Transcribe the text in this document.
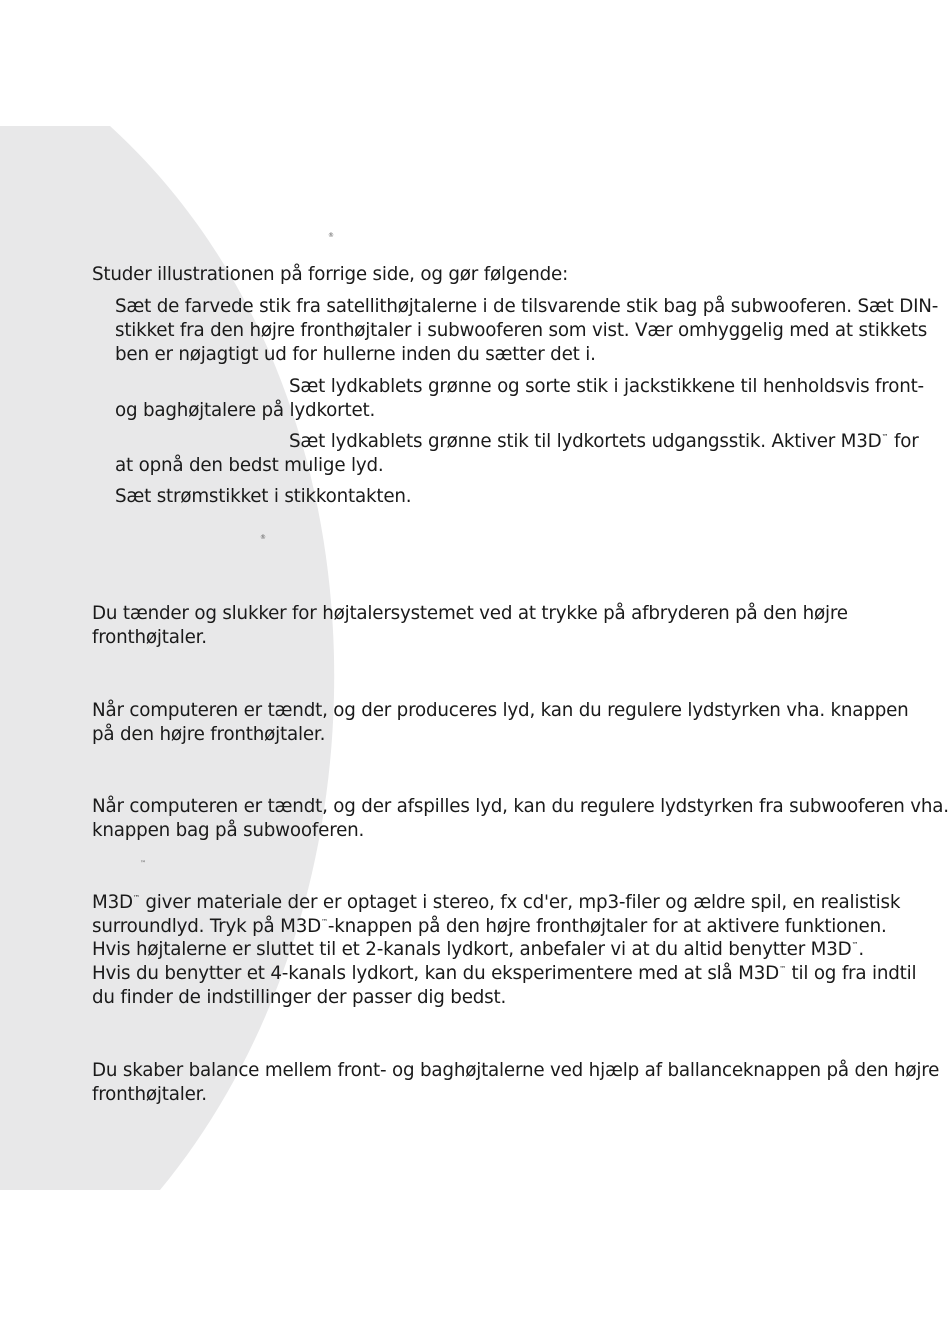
®

Studer illustrationen på forrige side, og gør følgende:

Sæt de farvede stik fra satellithøjtalerne i de tilsvarende stik bag på subwooferen. Sæt DIN-

stikket fra den højre fronthøjtaler i subwooferen som vist. Vær omhyggelig med at stikkets

ben er nøjagtigt ud for hullerne inden du sætter det i.

Sæt lydkablets grønne og sorte stik i jackstikkene til henholdsvis front-

og baghøjtalere på lydkortet.

Sæt lydkablets grønne stik til lydkortets udgangsstik. Aktiver M3D™ for

at opnå den bedst mulige lyd.

Sæt strømstikket i stikkontakten.

®

Du tænder og slukker for højtalersystemet ved at trykke på afbryderen på den højre

fronthøjtaler.

Når computeren er tændt, og der produceres lyd, kan du regulere lydstyrken vha. knappen

på den højre fronthøjtaler.

Når computeren er tændt, og der afspilles lyd, kan du regulere lydstyrken fra subwooferen vha.

knappen bag på subwooferen.

™

M3D™ giver materiale der er optaget i stereo, fx cd'er, mp3-filer og ældre spil, en realistisk

surroundlyd. Tryk på M3D™-knappen på den højre fronthøjtaler for at aktivere funktionen.

Hvis højtalerne er sluttet til et 2-kanals lydkort, anbefaler vi at du altid benytter M3D™.

Hvis du benytter et 4-kanals lydkort, kan du eksperimentere med at slå M3D™ til og fra indtil

du finder de indstillinger der passer dig bedst.

Du skaber balance mellem front- og baghøjtalerne ved hjælp af ballanceknappen på den højre

fronthøjtaler.
